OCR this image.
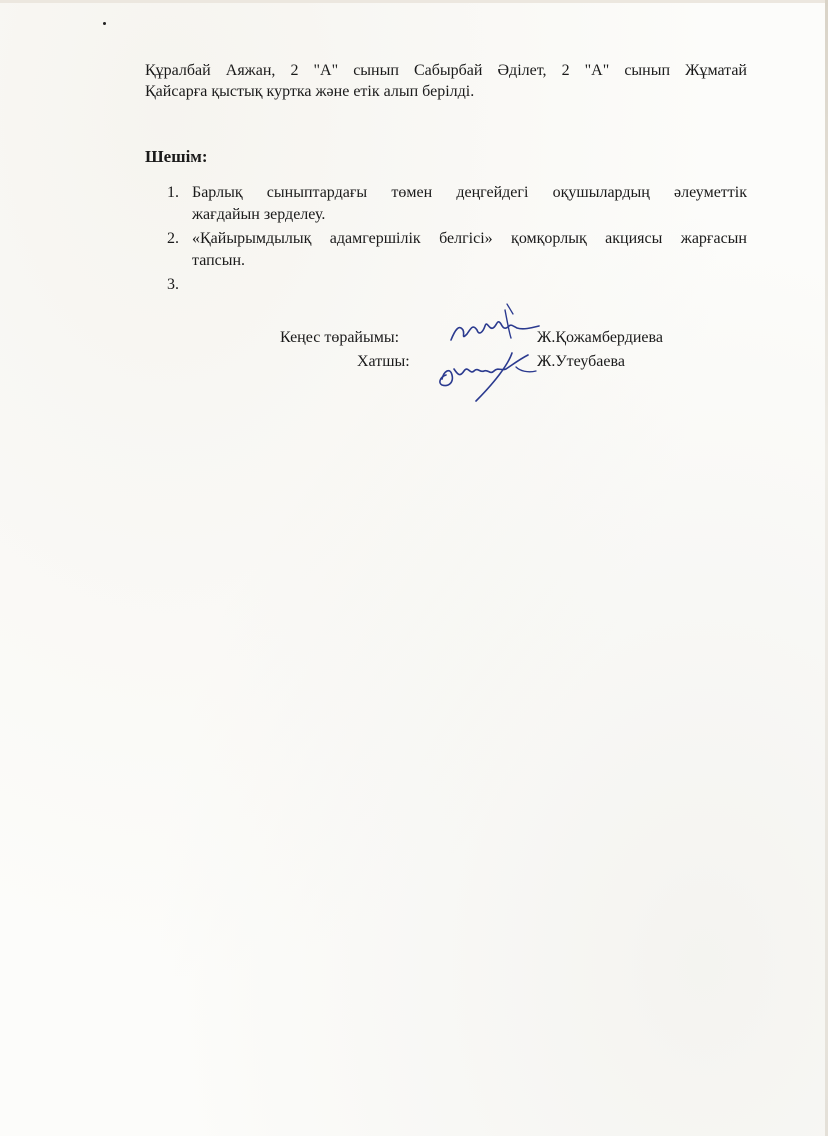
Құралбай Аяжан, 2 "А" сынып Сабырбай Әділет, 2 "А" сынып Жұматай
Қайсарға қыстық куртка және етік алып берілді.
Шешім:
1. Барлық сыныптардағы төмен деңгейдегі оқушылардың әлеуметтік
жағдайын зерделеу.
2. «Қайырымдылық адамгершілік белгісі» қомқорлық акциясы жарғасын
тапсын.
3.

Кеңес төрайымы:	Ж.Қожамбердиева
Хатшы:	Ж.Утеубаева
